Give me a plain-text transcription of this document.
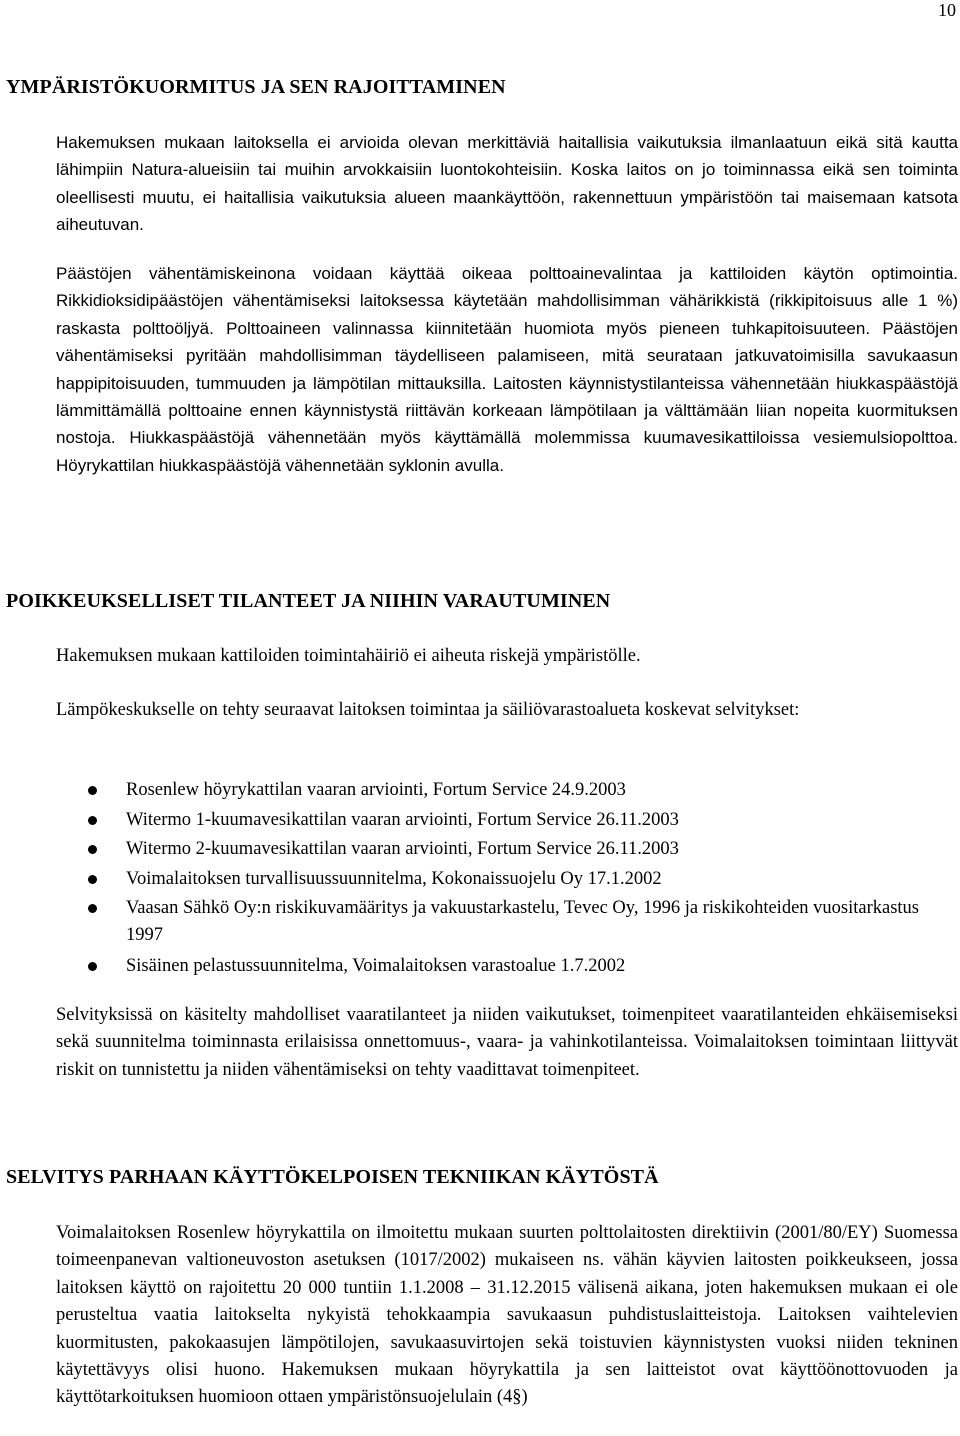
10
YMPÄRISTÖKUORMITUS JA SEN RAJOITTAMINEN

Hakemuksen mukaan laitoksella ei arvioida olevan merkittäviä haitallisia vaikutuksia ilmanlaatuun eikä sitä kautta lähimpiin Natura-alueisiin tai muihin arvokkaisiin luontokohteisiin. Koska laitos on jo toiminnassa eikä sen toiminta oleellisesti muutu, ei haitallisia vaikutuksia alueen maankäyttöön, rakennettuun ympäristöön tai maisemaan katsota aiheutuvan.

Päästöjen vähentämiskeinona voidaan käyttää oikeaa polttoainevalintaa ja kattiloiden käytön optimointia. Rikkidioksidipäästöjen vähentämiseksi laitoksessa käytetään mahdollisimman vähärikkistä (rikkipitoisuus alle 1 %) raskasta polttoöljyä. Polttoaineen valinnassa kiinnitetään huomiota myös pieneen tuhkapitoisuuteen. Päästöjen vähentämiseksi pyritään mahdollisimman täydelliseen palamiseen, mitä seurataan jatkuvatoimisilla savukaasun happipitoisuuden, tummuuden ja lämpötilan mittauksilla. Laitosten käynnistystilanteissa vähennetään hiukkaspäästöjä lämmittämällä polttoaine ennen käynnistystä riittävän korkeaan lämpötilaan ja välttämään liian nopeita kuormituksen nostoja. Hiukkaspäästöjä vähennetään myös käyttämällä molemmissa kuumavesikattiloissa vesiemulsiopolttoa. Höyrykattilan hiukkaspäästöjä vähennetään syklonin avulla.

POIKKEUKSELLISET TILANTEET JA NIIHIN VARAUTUMINEN

Hakemuksen mukaan kattiloiden toimintahäiriö ei aiheuta riskejä ympäristölle.

Lämpökeskukselle on tehty seuraavat laitoksen toimintaa ja säiliövarastoalueta koskevat selvitykset:

Rosenlew höyrykattilan vaaran arviointi, Fortum Service 24.9.2003
Witermo 1-kuumavesikattilan vaaran arviointi, Fortum Service 26.11.2003
Witermo 2-kuumavesikattilan vaaran arviointi, Fortum Service 26.11.2003
Voimalaitoksen turvallisuussuunnitelma, Kokonaissuojelu Oy 17.1.2002
Vaasan Sähkö Oy:n riskikuvamääritys ja vakuustarkastelu, Tevec Oy, 1996 ja riskikohteiden vuositarkastus 1997
Sisäinen pelastussuunnitelma, Voimalaitoksen varastoalue 1.7.2002

Selvityksissä on käsitelty mahdolliset vaaratilanteet ja niiden vaikutukset, toimenpiteet vaaratilanteiden ehkäisemiseksi sekä suunnitelma toiminnasta erilaisissa onnettomuus-, vaara- ja vahinkotilanteissa. Voimalaitoksen toimintaan liittyvät riskit on tunnistettu ja niiden vähentämiseksi on tehty vaadittavat toimenpiteet.

SELVITYS PARHAAN KÄYTTÖKELPOISEN TEKNIIKAN KÄYTÖSTÄ

Voimalaitoksen Rosenlew höyrykattila on ilmoitettu mukaan suurten polttolaitosten direktiivin (2001/80/EY) Suomessa toimeenpanevan valtioneuvoston asetuksen (1017/2002) mukaiseen ns. vähän käyvien laitosten poikkeukseen, jossa laitoksen käyttö on rajoitettu 20 000 tuntiin 1.1.2008 – 31.12.2015 välisenä aikana, joten hakemuksen mukaan ei ole perusteltua vaatia laitokselta nykyistä tehokkaampia savukaasun puhdistuslaitteistoja. Laitoksen vaihtelevien kuormitusten, pakokaasujen lämpötilojen, savukaasuvirtojen sekä toistuvien käynnistysten vuoksi niiden tekninen käytettävyys olisi huono. Hakemuksen mukaan höyrykattila ja sen laitteistot ovat käyttöönottovuoden ja käyttötarkoituksen huomioon ottaen ympäristönsuojelulain (4§)
